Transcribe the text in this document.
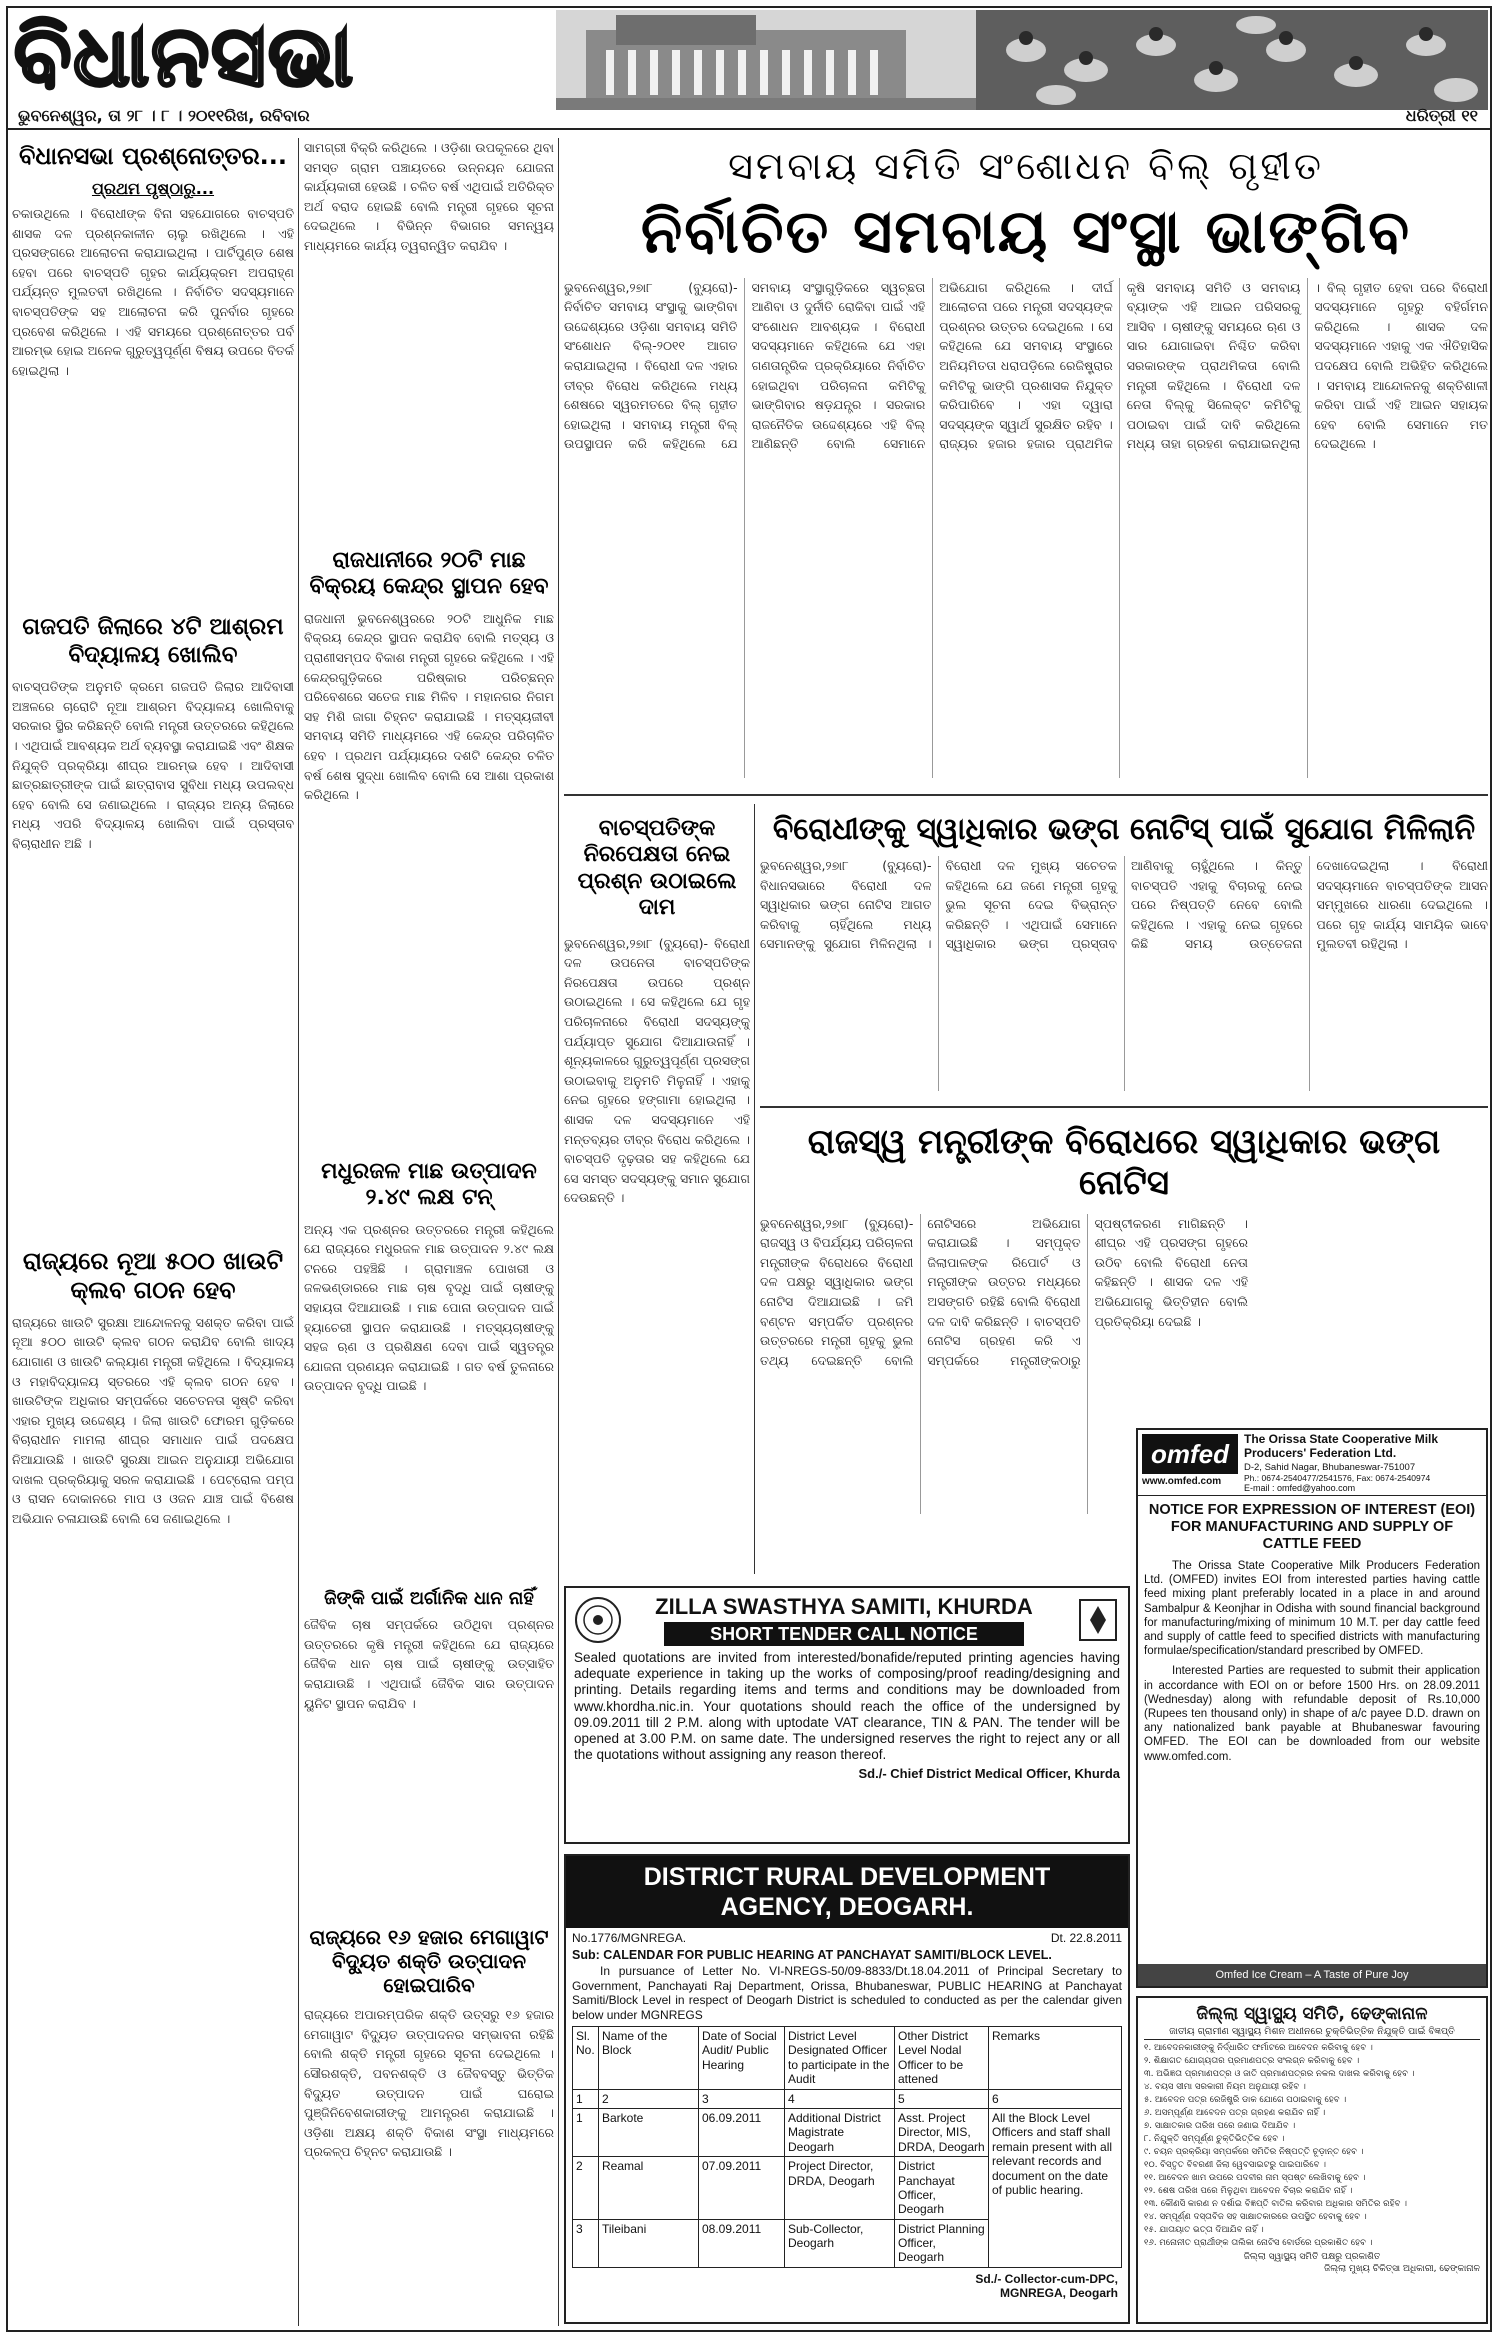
ବିଧାନସଭା
ଭୁବନେଶ୍ୱର, ତା ୨୮ । ୮ । ୨୦୧୧ରିଖ, ରବିବାର	ଧରିତ୍ରୀ ୧୧
ବିଧାନସଭା ପ୍ରଶ୍ନୋତ୍ତର...
ପ୍ରଥମ ପୃଷ୍ଠାରୁ...
ଚକାଉଥିଲେ । ବିରୋଧୀଙ୍କ ବିନା ସହଯୋଗରେ ବାଚସ୍ପତି ଶାସକ ଦଳ ପ୍ରଶ୍ନକାଳୀନ ଚାଲୁ ରଖିଥିଲେ । ଏହି ପ୍ରସଙ୍ଗରେ ଆଲୋଚନା କରାଯାଇଥିଲା । ପାର୍ଟିପୁଣ୍ଡ ଶେଷ ହେବା ପରେ ବାଚସ୍ପତି ଗୃହର କାର୍ଯ୍ୟକ୍ରମ ଅପରାହ୍ଣ ପର୍ଯ୍ୟନ୍ତ ମୁଲତବୀ ରଖିଥିଲେ । ନିର୍ବାଚିତ ସଦସ୍ୟମାନେ ବାଚସ୍ପତିଙ୍କ ସହ ଆଲୋଚନା କରି ପୁନର୍ବାର ଗୃହରେ ପ୍ରବେଶ କରିଥିଲେ । ଏହି ସମୟରେ ପ୍ରଶ୍ନୋତ୍ତର ପର୍ବ ଆରମ୍ଭ ହୋଇ ଅନେକ ଗୁରୁତ୍ୱପୂର୍ଣ୍ଣ ବିଷୟ ଉପରେ ବିତର୍କ ହୋଇଥିଲା ।
ଗଜପତି ଜିଲାରେ ୪ଟି ଆଶ୍ରମ ବିଦ୍ୟାଳୟ ଖୋଲିବ
ବାଚସ୍ପତିଙ୍କ ଅନୁମତି କ୍ରମେ ଗଜପତି ଜିଲାର ଆଦିବାସୀ ଅଞ୍ଚଳରେ ଚାରୋଟି ନୂଆ ଆଶ୍ରମ ବିଦ୍ୟାଳୟ ଖୋଲିବାକୁ ସରକାର ସ୍ଥିର କରିଛନ୍ତି ବୋଲି ମନ୍ତ୍ରୀ ଉତ୍ତରରେ କହିଥିଲେ । ଏଥିପାଇଁ ଆବଶ୍ୟକ ଅର୍ଥ ବ୍ୟବସ୍ଥା କରାଯାଇଛି ଏବଂ ଶିକ୍ଷକ ନିଯୁକ୍ତି ପ୍ରକ୍ରିୟା ଶୀଘ୍ର ଆରମ୍ଭ ହେବ । ଆଦିବାସୀ ଛାତ୍ରଛାତ୍ରୀଙ୍କ ପାଇଁ ଛାତ୍ରାବାସ ସୁବିଧା ମଧ୍ୟ ଉପଲବ୍ଧ ହେବ ବୋଲି ସେ ଜଣାଇଥିଲେ । ରାଜ୍ୟର ଅନ୍ୟ ଜିଲାରେ ମଧ୍ୟ ଏପରି ବିଦ୍ୟାଳୟ ଖୋଲିବା ପାଇଁ ପ୍ରସ୍ତାବ ବିଚାରାଧୀନ ଅଛି ।
ରାଜ୍ୟରେ ନୂଆ ୫୦୦ ଖାଉଟି କ୍ଲବ ଗଠନ ହେବ
ରାଜ୍ୟରେ ଖାଉଟି ସୁରକ୍ଷା ଆନ୍ଦୋଳନକୁ ସଶକ୍ତ କରିବା ପାଇଁ ନୂଆ ୫୦୦ ଖାଉଟି କ୍ଲବ ଗଠନ କରାଯିବ ବୋଲି ଖାଦ୍ୟ ଯୋଗାଣ ଓ ଖାଉଟି କଲ୍ୟାଣ ମନ୍ତ୍ରୀ କହିଥିଲେ । ବିଦ୍ୟାଳୟ ଓ ମହାବିଦ୍ୟାଳୟ ସ୍ତରରେ ଏହି କ୍ଲବ ଗଠନ ହେବ । ଖାଉଟିଙ୍କ ଅଧିକାର ସମ୍ପର୍କରେ ସଚେତନତା ସୃଷ୍ଟି କରିବା ଏହାର ମୁଖ୍ୟ ଉଦ୍ଦେଶ୍ୟ । ଜିଲା ଖାଉଟି ଫୋରମ ଗୁଡ଼ିକରେ ବିଚାରାଧୀନ ମାମଲା ଶୀଘ୍ର ସମାଧାନ ପାଇଁ ପଦକ୍ଷେପ ନିଆଯାଉଛି । ଖାଉଟି ସୁରକ୍ଷା ଆଇନ ଅନୁଯାୟୀ ଅଭିଯୋଗ ଦାଖଲ ପ୍ରକ୍ରିୟାକୁ ସରଳ କରାଯାଇଛି । ପେଟ୍ରୋଲ ପମ୍ପ ଓ ରାସନ ଦୋକାନରେ ମାପ ଓ ଓଜନ ଯାଞ୍ଚ ପାଇଁ ବିଶେଷ ଅଭିଯାନ ଚଳାଯାଉଛି ବୋଲି ସେ ଜଣାଇଥିଲେ ।
ସାମଗ୍ରୀ ବିକ୍ରି କରିଥିଲେ । ଓଡ଼ିଶା ଉପକୂଳରେ ଥିବା ସମସ୍ତ ଗ୍ରାମ ପଞ୍ଚାୟତରେ ଉନ୍ନୟନ ଯୋଜନା କାର୍ଯ୍ୟକାରୀ ହେଉଛି । ଚଳିତ ବର୍ଷ ଏଥିପାଇଁ ଅତିରିକ୍ତ ଅର୍ଥ ବରାଦ ହୋଇଛି ବୋଲି ମନ୍ତ୍ରୀ ଗୃହରେ ସୂଚନା ଦେଇଥିଲେ । ବିଭିନ୍ନ ବିଭାଗର ସମନ୍ୱୟ ମାଧ୍ୟମରେ କାର୍ଯ୍ୟ ତ୍ୱରାନ୍ୱିତ କରାଯିବ ।
ରାଜଧାନୀରେ ୨୦ଟି ମାଛ ବିକ୍ରୟ କେନ୍ଦ୍ର ସ୍ଥାପନ ହେବ
ରାଜଧାନୀ ଭୁବନେଶ୍ୱରରେ ୨୦ଟି ଆଧୁନିକ ମାଛ ବିକ୍ରୟ କେନ୍ଦ୍ର ସ୍ଥାପନ କରାଯିବ ବୋଲି ମତ୍ସ୍ୟ ଓ ପ୍ରାଣୀସମ୍ପଦ ବିକାଶ ମନ୍ତ୍ରୀ ଗୃହରେ କହିଥିଲେ । ଏହି କେନ୍ଦ୍ରଗୁଡ଼ିକରେ ପରିଷ୍କାର ପରିଚ୍ଛନ୍ନ ପରିବେଶରେ ସତେଜ ମାଛ ମିଳିବ । ମହାନଗର ନିଗମ ସହ ମିଶି ଜାଗା ଚିହ୍ନଟ କରାଯାଇଛି । ମତ୍ସ୍ୟଜୀବୀ ସମବାୟ ସମିତି ମାଧ୍ୟମରେ ଏହି କେନ୍ଦ୍ର ପରିଚାଳିତ ହେବ । ପ୍ରଥମ ପର୍ଯ୍ୟାୟରେ ଦଶଟି କେନ୍ଦ୍ର ଚଳିତ ବର୍ଷ ଶେଷ ସୁଦ୍ଧା ଖୋଲିବ ବୋଲି ସେ ଆଶା ପ୍ରକାଶ କରିଥିଲେ ।
ମଧୁରଜଳ ମାଛ ଉତ୍ପାଦନ ୨.୪୯ ଲକ୍ଷ ଟନ୍
ଅନ୍ୟ ଏକ ପ୍ରଶ୍ନର ଉତ୍ତରରେ ମନ୍ତ୍ରୀ କହିଥିଲେ ଯେ ରାଜ୍ୟରେ ମଧୁରଜଳ ମାଛ ଉତ୍ପାଦନ ୨.୪୯ ଲକ୍ଷ ଟନରେ ପହଞ୍ଚିଛି । ଗ୍ରାମାଞ୍ଚଳ ପୋଖରୀ ଓ ଜଳଭଣ୍ଡାରରେ ମାଛ ଚାଷ ବୃଦ୍ଧି ପାଇଁ ଚାଷୀଙ୍କୁ ସହାୟତା ଦିଆଯାଉଛି । ମାଛ ପୋନା ଉତ୍ପାଦନ ପାଇଁ ହ୍ୟାଚେରୀ ସ୍ଥାପନ କରାଯାଉଛି । ମତ୍ସ୍ୟଚାଷୀଙ୍କୁ ସହଜ ଋଣ ଓ ପ୍ରଶିକ୍ଷଣ ଦେବା ପାଇଁ ସ୍ୱତନ୍ତ୍ର ଯୋଜନା ପ୍ରଣୟନ କରାଯାଇଛି । ଗତ ବର୍ଷ ତୁଳନାରେ ଉତ୍ପାଦନ ବୃଦ୍ଧି ପାଇଛି ।
ଜିଙ୍କି ପାଇଁ ଅର୍ଗାନିକ ଧାନ ନାହିଁ
ଜୈବିକ ଚାଷ ସମ୍ପର୍କରେ ଉଠିଥିବା ପ୍ରଶ୍ନର ଉତ୍ତରରେ କୃଷି ମନ୍ତ୍ରୀ କହିଥିଲେ ଯେ ରାଜ୍ୟରେ ଜୈବିକ ଧାନ ଚାଷ ପାଇଁ ଚାଷୀଙ୍କୁ ଉତ୍ସାହିତ କରାଯାଉଛି । ଏଥିପାଇଁ ଜୈବିକ ସାର ଉତ୍ପାଦନ ୟୁନିଟ ସ୍ଥାପନ କରାଯିବ ।
ରାଜ୍ୟରେ ୧୬ ହଜାର ମେଗାୱାଟ ବିଦ୍ୟୁତ ଶକ୍ତି ଉତ୍ପାଦନ ହୋଇପାରିବ
ରାଜ୍ୟରେ ଅପାରମ୍ପରିକ ଶକ୍ତି ଉତ୍ସରୁ ୧୬ ହଜାର ମେଗାୱାଟ ବିଦ୍ୟୁତ ଉତ୍ପାଦନର ସମ୍ଭାବନା ରହିଛି ବୋଲି ଶକ୍ତି ମନ୍ତ୍ରୀ ଗୃହରେ ସୂଚନା ଦେଇଥିଲେ । ସୌରଶକ୍ତି, ପବନଶକ୍ତି ଓ ଜୈବବସ୍ତୁ ଭିତ୍ତିକ ବିଦ୍ୟୁତ ଉତ୍ପାଦନ ପାଇଁ ଘରୋଇ ପୁଞ୍ଜିନିବେଶକାରୀଙ୍କୁ ଆମନ୍ତ୍ରଣ କରାଯାଇଛି । ଓଡ଼ିଶା ଅକ୍ଷୟ ଶକ୍ତି ବିକାଶ ସଂସ୍ଥା ମାଧ୍ୟମରେ ପ୍ରକଳ୍ପ ଚିହ୍ନଟ କରାଯାଉଛି ।
ସମବାୟ ସମିତି ସଂଶୋଧନ ବିଲ୍ ଗୃହୀତ
ନିର୍ବାଚିତ ସମବାୟ ସଂସ୍ଥା ଭାଙ୍ଗିବ
ଭୁବନେଶ୍ୱର,୨୭ା୮ (ବ୍ୟୁରୋ)- ନିର୍ବାଚିତ ସମବାୟ ସଂସ୍ଥାକୁ ଭାଙ୍ଗିବା ଉଦ୍ଦେଶ୍ୟରେ ଓଡ଼ିଶା ସମବାୟ ସମିତି ସଂଶୋଧନ ବିଲ୍-୨୦୧୧ ଆଗତ କରାଯାଇଥିଲା । ବିରୋଧୀ ଦଳ ଏହାର ତୀବ୍ର ବିରୋଧ କରିଥିଲେ ମଧ୍ୟ ଶେଷରେ ସ୍ୱରମତରେ ବିଲ୍ ଗୃହୀତ ହୋଇଥିଲା । ସମବାୟ ମନ୍ତ୍ରୀ ବିଲ୍ ଉପସ୍ଥାପନ କରି କହିଥିଲେ ଯେ ସମବାୟ ସଂସ୍ଥାଗୁଡ଼ିକରେ ସ୍ୱଚ୍ଛତା ଆଣିବା ଓ ଦୁର୍ନୀତି ରୋକିବା ପାଇଁ ଏହି ସଂଶୋଧନ ଆବଶ୍ୟକ । ବିରୋଧୀ ସଦସ୍ୟମାନେ କହିଥିଲେ ଯେ ଏହା ଗଣତାନ୍ତ୍ରିକ ପ୍ରକ୍ରିୟାରେ ନିର୍ବାଚିତ ହୋଇଥିବା ପରିଚାଳନା କମିଟିକୁ ଭାଙ୍ଗିବାର ଷଡ଼ଯନ୍ତ୍ର । ସରକାର ରାଜନୈତିକ ଉଦ୍ଦେଶ୍ୟରେ ଏହି ବିଲ୍ ଆଣିଛନ୍ତି ବୋଲି ସେମାନେ ଅଭିଯୋଗ କରିଥିଲେ । ଦୀର୍ଘ ଆଲୋଚନା ପରେ ମନ୍ତ୍ରୀ ସଦସ୍ୟଙ୍କ ପ୍ରଶ୍ନର ଉତ୍ତର ଦେଇଥିଲେ । ସେ କହିଥିଲେ ଯେ ସମବାୟ ସଂସ୍ଥାରେ ଅନିୟମିତତା ଧରାପଡ଼ିଲେ ରେଜିଷ୍ଟ୍ରାର କମିଟିକୁ ଭାଙ୍ଗି ପ୍ରଶାସକ ନିଯୁକ୍ତ କରିପାରିବେ । ଏହା ଦ୍ୱାରା ସଦସ୍ୟଙ୍କ ସ୍ୱାର୍ଥ ସୁରକ୍ଷିତ ରହିବ । ରାଜ୍ୟର ହଜାର ହଜାର ପ୍ରାଥମିକ କୃଷି ସମବାୟ ସମିତି ଓ ସମବାୟ ବ୍ୟାଙ୍କ ଏହି ଆଇନ ପରିସରକୁ ଆସିବ । ଚାଷୀଙ୍କୁ ସମୟରେ ଋଣ ଓ ସାର ଯୋଗାଇବା ନିଶ୍ଚିତ କରିବା ସରକାରଙ୍କ ପ୍ରାଥମିକତା ବୋଲି ମନ୍ତ୍ରୀ କହିଥିଲେ । ବିରୋଧୀ ଦଳ ନେତା ବିଲ୍କୁ ସିଲେକ୍ଟ କମିଟିକୁ ପଠାଇବା ପାଇଁ ଦାବି କରିଥିଲେ ମଧ୍ୟ ତାହା ଗ୍ରହଣ କରାଯାଇନଥିଲା । ବିଲ୍ ଗୃହୀତ ହେବା ପରେ ବିରୋଧୀ ସଦସ୍ୟମାନେ ଗୃହରୁ ବହିର୍ଗମନ କରିଥିଲେ । ଶାସକ ଦଳ ସଦସ୍ୟମାନେ ଏହାକୁ ଏକ ଐତିହାସିକ ପଦକ୍ଷେପ ବୋଲି ଅଭିହିତ କରିଥିଲେ । ସମବାୟ ଆନ୍ଦୋଳନକୁ ଶକ୍ତିଶାଳୀ କରିବା ପାଇଁ ଏହି ଆଇନ ସହାୟକ ହେବ ବୋଲି ସେମାନେ ମତ ଦେଇଥିଲେ ।
ବାଚସ୍ପତିଙ୍କ ନିରପେକ୍ଷତା ନେଇ ପ୍ରଶ୍ନ ଉଠାଇଲେ ଦାମ
ଭୁବନେଶ୍ୱର,୨୭ା୮ (ବ୍ୟୁରୋ)- ବିରୋଧୀ ଦଳ ଉପନେତା ବାଚସ୍ପତିଙ୍କ ନିରପେକ୍ଷତା ଉପରେ ପ୍ରଶ୍ନ ଉଠାଇଥିଲେ । ସେ କହିଥିଲେ ଯେ ଗୃହ ପରିଚାଳନାରେ ବିରୋଧୀ ସଦସ୍ୟଙ୍କୁ ପର୍ଯ୍ୟାପ୍ତ ସୁଯୋଗ ଦିଆଯାଉନାହିଁ । ଶୂନ୍ୟକାଳରେ ଗୁରୁତ୍ୱପୂର୍ଣ୍ଣ ପ୍ରସଙ୍ଗ ଉଠାଇବାକୁ ଅନୁମତି ମିଳୁନାହିଁ । ଏହାକୁ ନେଇ ଗୃହରେ ହଙ୍ଗାମା ହୋଇଥିଲା । ଶାସକ ଦଳ ସଦସ୍ୟମାନେ ଏହି ମନ୍ତବ୍ୟର ତୀବ୍ର ବିରୋଧ କରିଥିଲେ । ବାଚସ୍ପତି ଦୃଢ଼ତାର ସହ କହିଥିଲେ ଯେ ସେ ସମସ୍ତ ସଦସ୍ୟଙ୍କୁ ସମାନ ସୁଯୋଗ ଦେଉଛନ୍ତି ।
ବିରୋଧୀଙ୍କୁ ସ୍ୱାଧିକାର ଭଙ୍ଗ ନୋଟିସ୍ ପାଇଁ ସୁଯୋଗ ମିଳିଲାନି
ଭୁବନେଶ୍ୱର,୨୭ା୮ (ବ୍ୟୁରୋ)- ବିଧାନସଭାରେ ବିରୋଧୀ ଦଳ ସ୍ୱାଧିକାର ଭଙ୍ଗ ନୋଟିସ ଆଗତ କରିବାକୁ ଚାହିଁଥିଲେ ମଧ୍ୟ ସେମାନଙ୍କୁ ସୁଯୋଗ ମିଳିନଥିଲା । ବିରୋଧୀ ଦଳ ମୁଖ୍ୟ ସଚେତକ କହିଥିଲେ ଯେ ଜଣେ ମନ୍ତ୍ରୀ ଗୃହକୁ ଭୁଲ ସୂଚନା ଦେଇ ବିଭ୍ରାନ୍ତ କରିଛନ୍ତି । ଏଥିପାଇଁ ସେମାନେ ସ୍ୱାଧିକାର ଭଙ୍ଗ ପ୍ରସ୍ତାବ ଆଣିବାକୁ ଚାହୁଁଥିଲେ । କିନ୍ତୁ ବାଚସ୍ପତି ଏହାକୁ ବିଚାରକୁ ନେଇ ପରେ ନିଷ୍ପତ୍ତି ନେବେ ବୋଲି କହିଥିଲେ । ଏହାକୁ ନେଇ ଗୃହରେ କିଛି ସମୟ ଉତ୍ତେଜନା ଦେଖାଦେଇଥିଲା । ବିରୋଧୀ ସଦସ୍ୟମାନେ ବାଚସ୍ପତିଙ୍କ ଆସନ ସମ୍ମୁଖରେ ଧାରଣା ଦେଇଥିଲେ । ପରେ ଗୃହ କାର୍ଯ୍ୟ ସାମୟିକ ଭାବେ ମୁଲତବୀ ରହିଥିଲା ।
ରାଜସ୍ୱ ମନ୍ତ୍ରୀଙ୍କ ବିରୋଧରେ ସ୍ୱାଧିକାର ଭଙ୍ଗ ନୋଟିସ
ଭୁବନେଶ୍ୱର,୨୭ା୮ (ବ୍ୟୁରୋ)- ରାଜସ୍ୱ ଓ ବିପର୍ଯ୍ୟୟ ପରିଚାଳନା ମନ୍ତ୍ରୀଙ୍କ ବିରୋଧରେ ବିରୋଧୀ ଦଳ ପକ୍ଷରୁ ସ୍ୱାଧିକାର ଭଙ୍ଗ ନୋଟିସ ଦିଆଯାଇଛି । ଜମି ବଣ୍ଟନ ସମ୍ପର୍କିତ ପ୍ରଶ୍ନର ଉତ୍ତରରେ ମନ୍ତ୍ରୀ ଗୃହକୁ ଭୁଲ ତଥ୍ୟ ଦେଇଛନ୍ତି ବୋଲି ନୋଟିସରେ ଅଭିଯୋଗ କରାଯାଇଛି । ସମ୍ପୃକ୍ତ ଜିଲାପାଳଙ୍କ ରିପୋର୍ଟ ଓ ମନ୍ତ୍ରୀଙ୍କ ଉତ୍ତର ମଧ୍ୟରେ ଅସଙ୍ଗତି ରହିଛି ବୋଲି ବିରୋଧୀ ଦଳ ଦାବି କରିଛନ୍ତି । ବାଚସ୍ପତି ନୋଟିସ ଗ୍ରହଣ କରି ଏ ସମ୍ପର୍କରେ ମନ୍ତ୍ରୀଙ୍କଠାରୁ ସ୍ପଷ୍ଟୀକରଣ ମାଗିଛନ୍ତି । ଶୀଘ୍ର ଏହି ପ୍ରସଙ୍ଗ ଗୃହରେ ଉଠିବ ବୋଲି ବିରୋଧୀ ନେତା କହିଛନ୍ତି । ଶାସକ ଦଳ ଏହି ଅଭିଯୋଗକୁ ଭିତ୍ତିହୀନ ବୋଲି ପ୍ରତିକ୍ରିୟା ଦେଇଛି ।
omfed
www.omfed.com
The Orissa State Cooperative Milk Producers' Federation Ltd.
D-2, Sahid Nagar, Bhubaneswar-751007
Ph.: 0674-2540477/2541576, Fax: 0674-2540974
E-mail : omfed@yahoo.com
NOTICE FOR EXPRESSION OF INTEREST (EOI) FOR MANUFACTURING AND SUPPLY OF CATTLE FEED
The Orissa State Cooperative Milk Producers Federation Ltd. (OMFED) invites EOI from interested parties having cattle feed mixing plant preferably located in a place in and around Sambalpur & Keonjhar in Odisha with sound financial background for manufacturing/mixing of minimum 10 M.T. per day cattle feed and supply of cattle feed to specified districts with manufacturing formulae/specification/standard prescribed by OMFED.
Interested Parties are requested to submit their application in accordance with EOI on or before 1500 Hrs. on 28.09.2011 (Wednesday) along with refundable deposit of Rs.10,000 (Rupees ten thousand only) in shape of a/c payee D.D. drawn on any nationalized bank payable at Bhubaneswar favouring OMFED. The EOI can be downloaded from our website www.omfed.com.
Omfed Ice Cream – A Taste of Pure Joy
ZILLA SWASTHYA SAMITI, KHURDA
SHORT TENDER CALL NOTICE
Sealed quotations are invited from interested/bonafide/reputed printing agencies having adequate experience in taking up the works of composing/proof reading/designing and printing. Details regarding items and terms and conditions may be downloaded from www.khordha.nic.in. Your quotations should reach the office of the undersigned by 09.09.2011 till 2 P.M. along with uptodate VAT clearance, TIN & PAN. The tender will be opened at 3.00 P.M. on same date. The undersigned reserves the right to reject any or all the quotations without assigning any reason thereof.
Sd./- Chief District Medical Officer, Khurda
DISTRICT RURAL DEVELOPMENT
AGENCY, DEOGARH.
No.1776/MGNREGA.	Dt. 22.8.2011
Sub: CALENDAR FOR PUBLIC HEARING AT PANCHAYAT SAMITI/BLOCK LEVEL.
In pursuance of Letter No. VI-NREGS-50/09-8833/Dt.18.04.2011 of Principal Secretary to Government, Panchayati Raj Department, Orissa, Bhubaneswar, PUBLIC HEARING at Panchayat Samiti/Block Level in respect of Deogarh District is scheduled to conducted as per the calendar given below under MGNREGS
Sl. No.	Name of the Block	Date of Social Audit/ Public Hearing	District Level Designated Officer to participate in the Audit	Other District Level Nodal Officer to be attened	Remarks
1	2	3	4	5	6
1	Barkote	06.09.2011	Additional District Magistrate Deogarh	Asst. Project Director, MIS, DRDA, Deogarh	All the Block Level Officers and staff shall remain present with all relevant records and document on the date of public hearing.
2	Reamal	07.09.2011	Project Director, DRDA, Deogarh	District Panchayat Officer, Deogarh	
3	Tileibani	08.09.2011	Sub-Collector, Deogarh	District Planning Officer, Deogarh	
Sd./- Collector-cum-DPC,
MGNREGA, Deogarh
ଜିଲ୍ଲା ସ୍ୱାସ୍ଥ୍ୟ ସମିତି, ଢେଙ୍କାନାଳ
ଜାତୀୟ ଗ୍ରାମୀଣ ସ୍ୱାସ୍ଥ୍ୟ ମିଶନ ଅଧୀନରେ ଚୁକ୍ତିଭିତ୍ତିକ ନିଯୁକ୍ତି ପାଇଁ ବିଜ୍ଞପ୍ତି
୧. ଆବେଦନକାରୀଙ୍କୁ ନିର୍ଦ୍ଧାରିତ ଫର୍ମାଟରେ ଆବେଦନ କରିବାକୁ ହେବ ।
୨. ଶିକ୍ଷାଗତ ଯୋଗ୍ୟତାର ପ୍ରମାଣପତ୍ର ସଂଲଗ୍ନ କରିବାକୁ ହେବ ।
୩. ଅଭିଜ୍ଞତା ପ୍ରମାଣପତ୍ର ଓ ଜାତି ପ୍ରମାଣପତ୍ରର ନକଲ ଦାଖଲ କରିବାକୁ ହେବ ।
୪. ବୟସ ସୀମା ସରକାରୀ ନିୟମ ଅନୁଯାୟୀ ରହିବ ।
୫. ଆବେଦନ ପତ୍ର ରେଜିଷ୍ଟ୍ରି ଡାକ ଯୋଗେ ପଠାଇବାକୁ ହେବ ।
୬. ଅସମ୍ପୂର୍ଣ୍ଣ ଆବେଦନ ପତ୍ର ଗ୍ରହଣ କରାଯିବ ନାହିଁ ।
୭. ସାକ୍ଷାତକାର ତାରିଖ ପରେ ଜଣାଇ ଦିଆଯିବ ।
୮. ନିଯୁକ୍ତି ସମ୍ପୂର୍ଣ୍ଣ ଚୁକ୍ତିଭିତ୍ତିକ ହେବ ।
୯. ଚୟନ ପ୍ରକ୍ରିୟା ସମ୍ପର୍କରେ ସମିତିର ନିଷ୍ପତ୍ତି ଚୂଡ଼ାନ୍ତ ହେବ ।
୧୦. ବିସ୍ତୃତ ବିବରଣୀ ଜିଲା ୱେବସାଇଟରୁ ପାଇପାରିବେ ।
୧୧. ଆବେଦନ ଖାମ ଉପରେ ପଦବୀର ନାମ ସ୍ପଷ୍ଟ ଲେଖିବାକୁ ହେବ ।
୧୨. ଶେଷ ତାରିଖ ପରେ ମିଳୁଥିବା ଆବେଦନ ବିଚାର କରାଯିବ ନାହିଁ ।
୧୩. କୌଣସି କାରଣ ନ ଦର୍ଶାଇ ବିଜ୍ଞପ୍ତି ବାତିଲ କରିବାର ଅଧିକାର ସମିତିର ରହିବ ।
୧୪. ସମ୍ପୂର୍ଣ୍ଣ ଦସ୍ତାବିଜ ସହ ସାକ୍ଷାତକାରରେ ଉପସ୍ଥିତ ହେବାକୁ ହେବ ।
୧୫. ଯାତାୟାତ ଭତ୍ତା ଦିଆଯିବ ନାହିଁ ।
୧୬. ମନୋନୀତ ପ୍ରାର୍ଥୀଙ୍କ ତାଲିକା ନୋଟିସ ବୋର୍ଡରେ ପ୍ରକାଶିତ ହେବ ।
ଜିଲ୍ଲା ସ୍ୱାସ୍ଥ୍ୟ ସମିତି ପକ୍ଷରୁ ପ୍ରକାଶିତ
ଜିଲ୍ଲା ମୁଖ୍ୟ ଚିକିତ୍ସା ଅଧିକାରୀ, ଢେଙ୍କାନାଳ
